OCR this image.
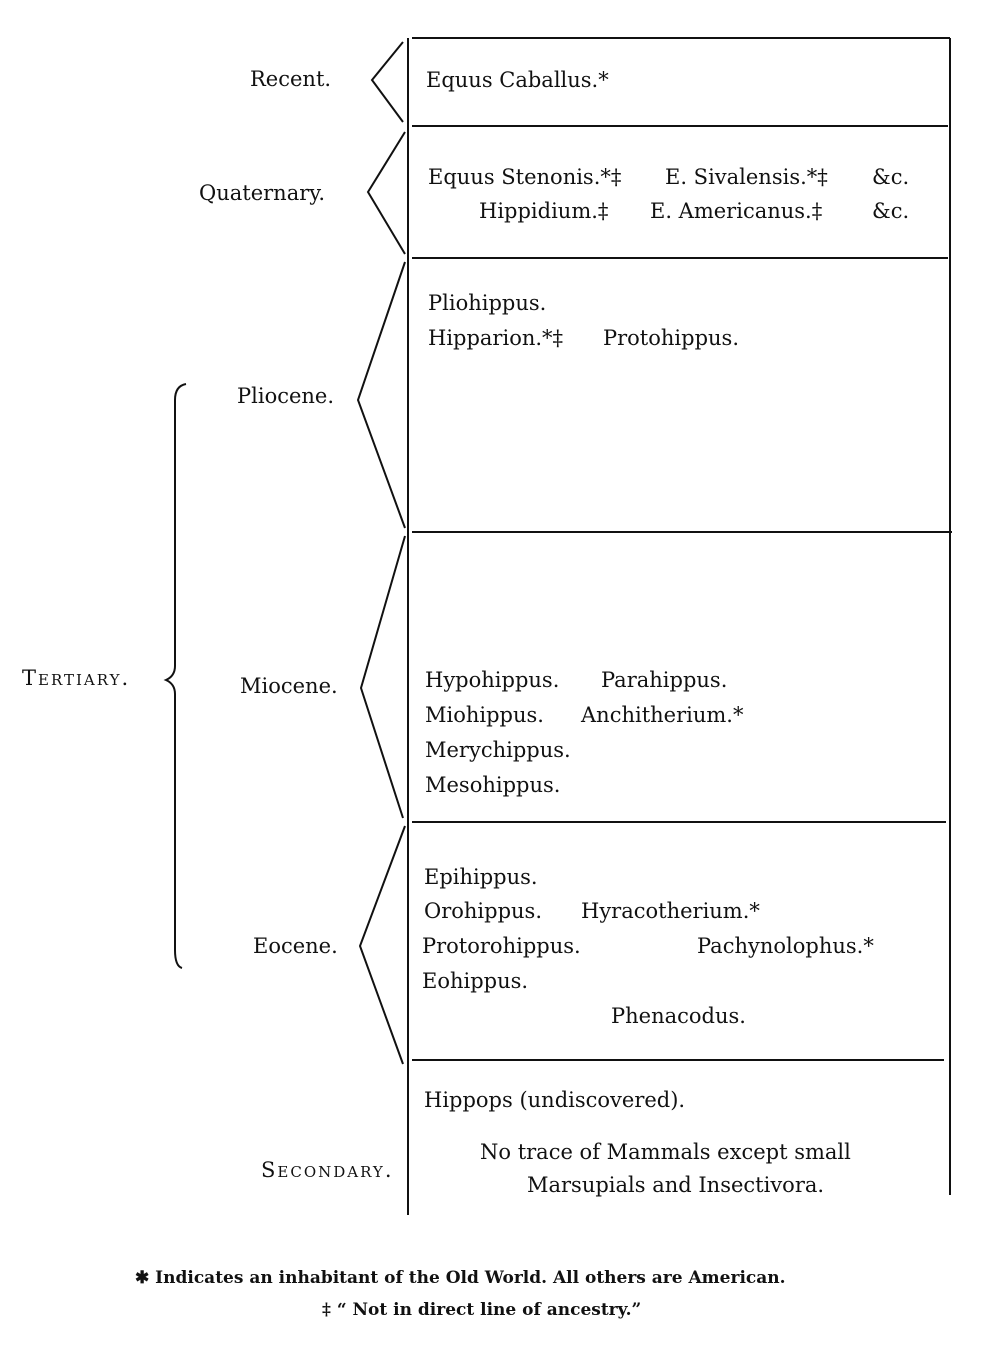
Recent.
Quaternary.
Pliocene.
Miocene.
Eocene.
Secondary.
Tertiary.
Equus Caballus.*
Equus Stenonis.*‡ E. Sivalensis.*‡ &c.
Hippidium.‡ E. Americanus.‡ &c.
Pliohippus.
Hipparion.*‡ Protohippus.
Hypohippus. Parahippus.
Miohippus. Anchitherium.*
Merychippus.
Mesohippus.
Epihippus.
Orohippus. Hyracotherium.*
Protorohippus.	Pachynolophus.*
Eohippus.
Phenacodus.
Hippops (undiscovered).
No trace of Mammals except small
Marsupials and Insectivora.
✱ Indicates an inhabitant of the Old World. All others are American.
‡ “ Not in direct line of ancestry.”
